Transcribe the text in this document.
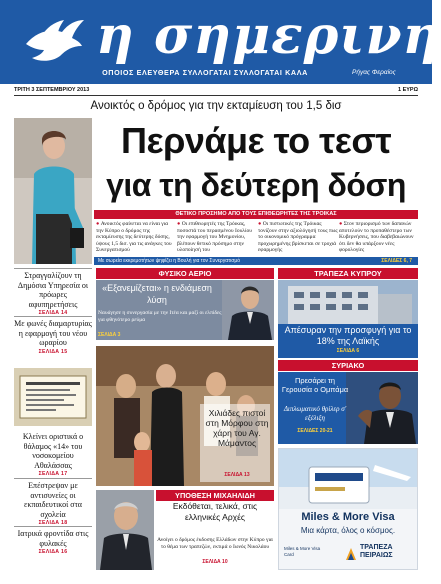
η σημερινη
ΟΠΟΙΟΣ ΕΛΕΥΘΕΡΑ ΣΥΛΛΟΓΑΤΑΙ ΣΥΛΛΟΓΑΤΑΙ ΚΑΛΑ	Ρήγας Φεραίος
ΤΡΙΤΗ 3 ΣΕΠΤΕΜΒΡΙΟΥ 2013	1 ΕΥΡΩ
Ανοικτός ο δρόμος για την εκταμίευση του 1,5 δισ
Περνάμε το τεστ
για τη δεύτερη δόση
ΘΕΤΙΚΟ ΠΡΟΣΗΜΟ ΑΠΟ ΤΟΥΣ ΕΠΙΘΕΩΡΗΤΕΣ ΤΗΣ ΤΡΟΙΚΑΣ
● Ανοικτός φαίνεται να είναι για την Κύπρο ο δρόμος της εκταμίευσης της δεύτερης δόσης, ύψους 1,5 δισ. για τις ανάγκες του Συνεργατισμού
● Οι επιθεωρητές της Τρόικας, ποσοστά του περασμένου Ιουλίου την εφαρμογή του Μνημονίου, βλέπουν θετικό πρόσημο στην υλοποίησή του
● Οι πιστωτικές της Τρόικας τονίζουν στην αξιολόγησή τους πως το οικονομικό πρόγραμμα προχωρημένης βρίσκεται σε τροχιά εφαρμογής
● Στον περιορισμό των δαπανών αποτελούν το προπαθέστερο των Κυβερνήσεις, που διαβεβαιώνουν ότι δεν θα υπάρξουν νέες φορολογίες
Με σωρεία εκκρεμοτήτων ψηφίζει η Βουλή για τον Συνεργατισμό	ΣΕΛΙΔΕΣ 6, 7
Στραγγαλίζουν τη Δημόσια Υπηρεσία οι πρόωρες αφυπηρετήσεις
ΣΕΛΙΔΑ 14
Με φωνές διαμαρτυρίας η εφαρμογή του νέου ωραρίου
ΣΕΛΙΔΑ 15
Κλείνει οριστικά ο θάλαμος «14» του νοσοκομείου Αθαλάσσας
ΣΕΛΙΔΑ 17
Επέστρεψαν με αντισυνείες οι εκπαιδευτικοί στα σχολεία
ΣΕΛΙΔΑ 18
Ιατρικά φροντίδα στις φυλακές
ΣΕΛΙΔΑ 16
ΦΥΣΙΚΟ ΑΕΡΙΟ
«Εξανεμίζεται» η ενδιάμεση λύση
Ναυάγησε η συνεργασία με την Ιτέα και μαζί οι ελπίδες για φθηνότερο ρεύμα
ΣΕΛΙΔΑ 3
ΤΡΑΠΕΖΑ ΚΥΠΡΟΥ
Απέσυραν την προσφυγή για το 18% της Λαϊκής
ΣΕΛΙΔΑ 6
Χιλιάδες πιστοί στη Μόρφου στη χάρη του Αγ. Μάμαντος
ΣΕΛΙΔΑ 13
ΣΥΡΙΑΚΟ
Πρεσάρει τη Γερουσία ο Ομπάμα
Διπλωματικό θρίλερ σ' εξέλιξη
ΣΕΛΙΔΕΣ 20-21
ΥΠΟΘΕΣΗ ΜΙΧΑΗΛΙΔΗ
Εκδόθεται, τελικά, στις ελληνικές Αρχές
Ανοίγει ο δρόμος έκδοσης Ελλάδων στην Κύπρο για το θέμα των τραπεζών, εκτιμά ο Ιωνός Νικολάου
ΣΕΛΙΔΑ 10
Miles & More Visa
Μια κάρτα, όλος ο κόσμος.
Miles & More Visa Card
ΤΡΑΠΕΖΑ
ΠΕΙΡΑΙΩΣ
